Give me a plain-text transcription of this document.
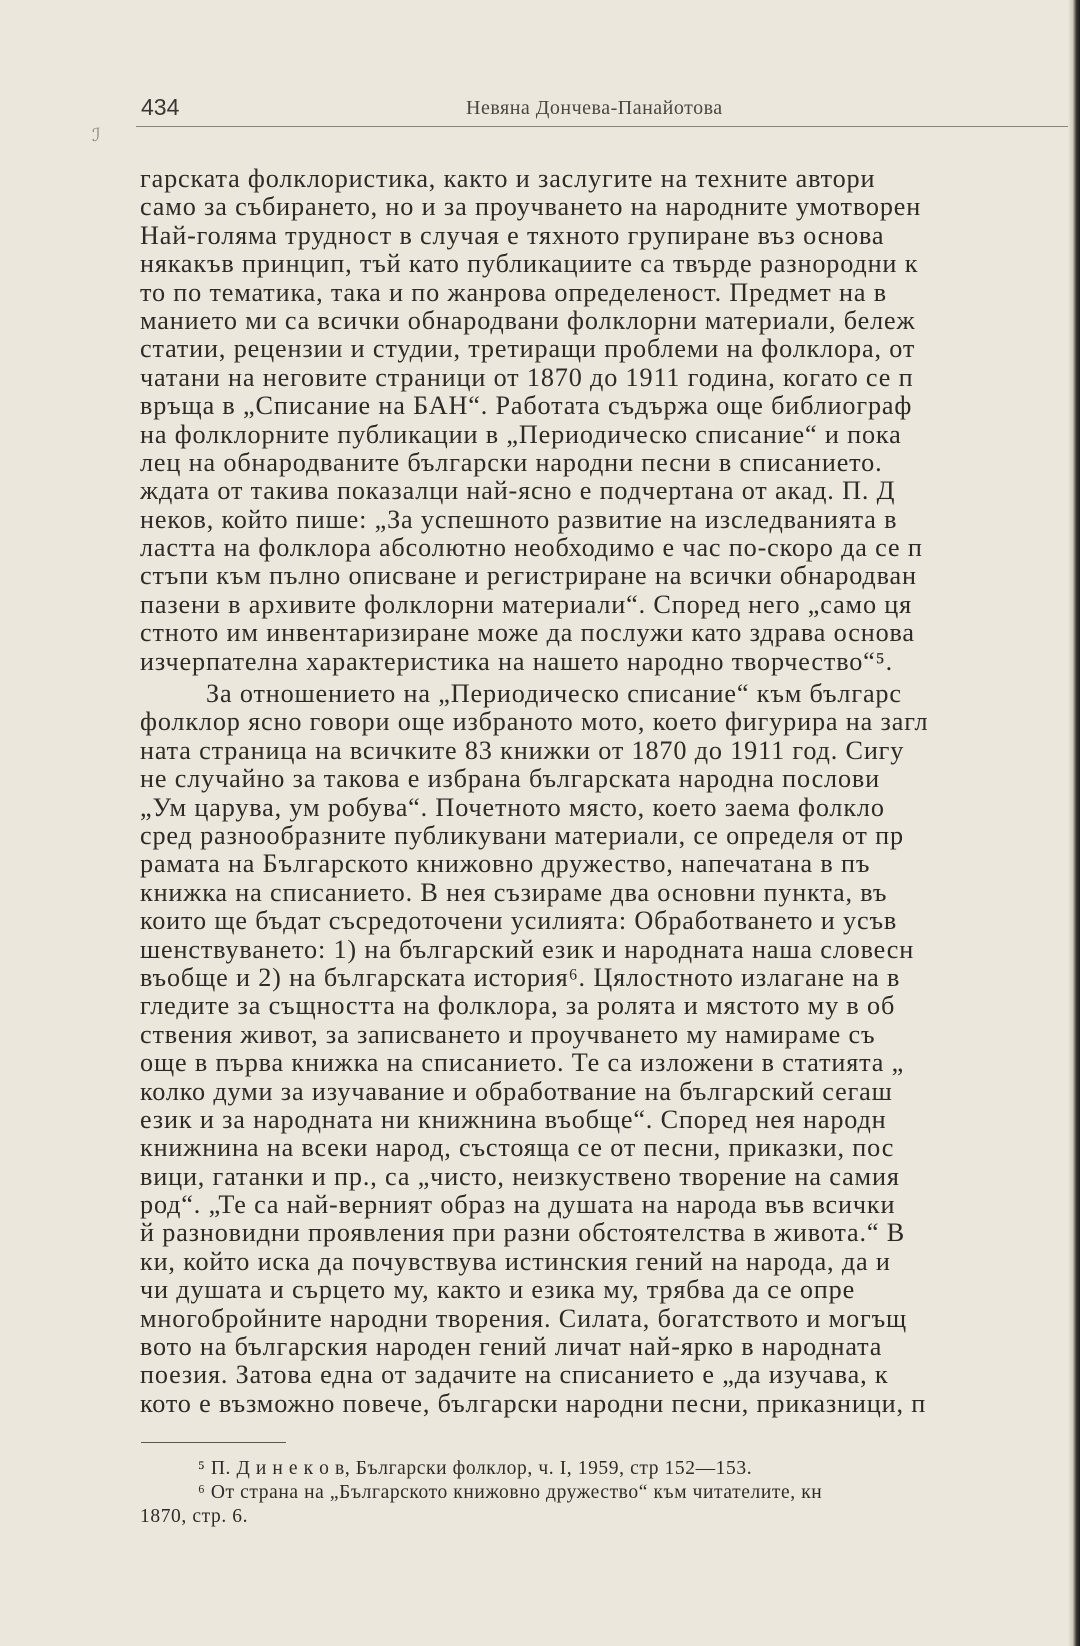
434	Невяна Дончева-Панайотова
ℐ
гарската фолклористика, както и заслугите на техните автори
само за събирането, но и за проучването на народните умотворен
Най-голяма трудност в случая е тяхното групиране въз основа
някакъв принцип, тъй като публикациите са твърде разнородни к
то по тематика, така и по жанрова определеност. Предмет на в
манието ми са всички обнародвани фолклорни материали, бележ
статии, рецензии и студии, третиращи проблеми на фолклора, от
чатани на неговите страници от 1870 до 1911 година, когато се п
връща в „Списание на БАН“. Работата съдържа още библиограф
на фолклорните публикации в „Периодическо списание“ и пока
лец на обнародваните български народни песни в списанието.
ждата от такива показалци най-ясно е подчертана от акад. П. Д
неков, който пише: „За успешното развитие на изследванията в
ластта на фолклора абсолютно необходимо е час по-скоро да се п
стъпи към пълно описване и регистриране на всички обнародван
пазени в архивите фолклорни материали“. Според него „само ця
стното им инвентаризиране може да послужи като здрава основа
изчерпателна характеристика на нашето народно творчество“⁵.
За отношението на „Периодическо списание“ към българс
фолклор ясно говори още избраното мото, което фигурира на загл
ната страница на всичките 83 книжки от 1870 до 1911 год. Сигу
не случайно за такова е избрана българската народна послови
„Ум царува, ум робува“. Почетното място, което заема фолкло
сред разнообразните публикувани материали, се определя от пр
рамата на Българското книжовно дружество, напечатана в пъ
книжка на списанието. В нея съзираме два основни пункта, въ
които ще бъдат съсредоточени усилията: Обработването и усъв
шенствуването: 1) на българский език и народната наша словесн
въобще и 2) на българската история⁶. Цялостното излагане на в
гледите за същността на фолклора, за ролята и мястото му в об
ствения живот, за записването и проучването му намираме съ
още в първа книжка на списанието. Те са изложени в статията „
колко думи за изучавание и обработвание на българский сегаш
език и за народната ни книжнина въобще“. Според нея народн
книжнина на всеки народ, състояща се от песни, приказки, пос
вици, гатанки и пр., са „чисто, неизкуствено творение на самия
род“. „Те са най-верният образ на душата на народа във всички
й разновидни проявления при разни обстоятелства в живота.“ В
ки, който иска да почувствува истинския гений на народа, да и
чи душата и сърцето му, както и езика му, трябва да се опре
многобройните народни творения. Силата, богатството и могъщ
вото на българския народен гений личат най-ярко в народната
поезия. Затова една от задачите на списанието е „да изучава, к
кото е възможно повече, български народни песни, приказници, п
⁵ П. Д и н е к о в, Български фолклор, ч. I, 1959, стр 152—153.
⁶ От страна на „Българското книжовно дружество“ към читателите, кн
1870, стр. 6.
